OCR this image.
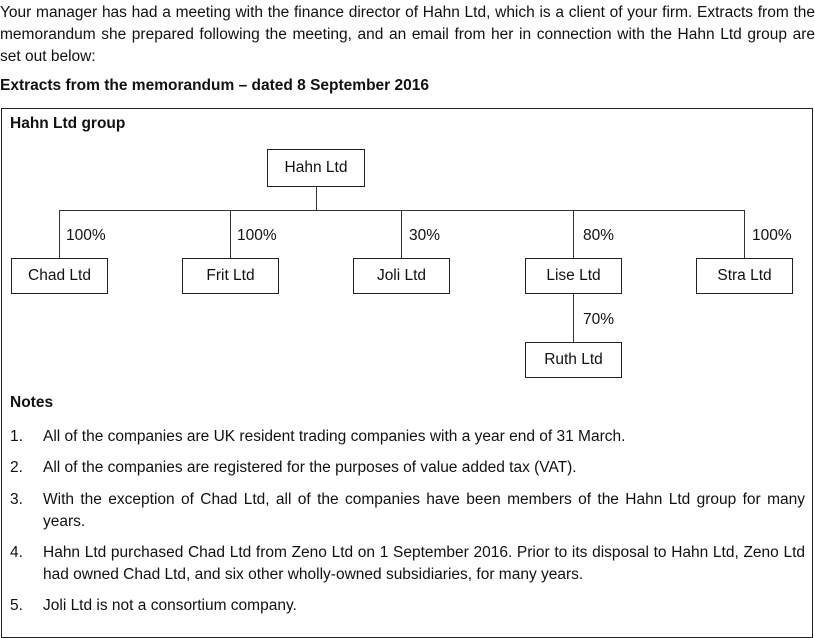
Your manager has had a meeting with the finance director of Hahn Ltd, which is a client of your firm. Extracts from the memorandum she prepared following the meeting, and an email from her in connection with the Hahn Ltd group are set out below:
Extracts from the memorandum – dated 8 September 2016
Hahn Ltd group
Hahn Ltd
100%	100%	30%	80%	100%
70%
Chad Ltd	Frit Ltd	Joli Ltd	Lise Ltd	Stra Ltd
Ruth Ltd
Notes
1. All of the companies are UK resident trading companies with a year end of 31 March.
2. All of the companies are registered for the purposes of value added tax (VAT).
3. With the exception of Chad Ltd, all of the companies have been members of the Hahn Ltd group for many years.
4. Hahn Ltd purchased Chad Ltd from Zeno Ltd on 1 September 2016. Prior to its disposal to Hahn Ltd, Zeno Ltd had owned Chad Ltd, and six other wholly-owned subsidiaries, for many years.
5. Joli Ltd is not a consortium company.
